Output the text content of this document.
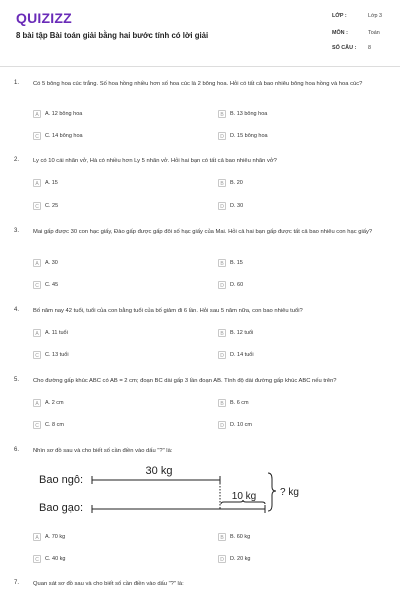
QUIZIZZ
8 bài tập Bài toán giải bằng hai bước tính có lời giải
LỚP :	Lớp 3
MÔN :	Toán
SỐ CÂU :	8
1. Có 5 bông hoa cúc trắng. Số hoa hồng nhiều hơn số hoa cúc là 2 bông hoa. Hỏi có tất cả bao nhiêu bông hoa hồng và hoa cúc?
A	A. 12 bông hoa	B	B. 13 bông hoa
C	C. 14 bông hoa	D	D. 15 bông hoa
2. Ly có 10 cái nhãn vở, Hà có nhiều hơn Ly 5 nhãn vở. Hỏi hai bạn có tất cả bao nhiêu nhãn vở?
A	A. 15	B	B. 20
C	C. 25	D	D. 30
3. Mai gấp được 30 con hạc giấy, Đào gấp được gấp đôi số hạc giấy của Mai. Hỏi cả hai bạn gấp được tất cả bao nhiêu con hạc giấy?
A	A. 30	B	B. 15
C	C. 45	D	D. 60
4. Bố năm nay 42 tuổi, tuổi của con bằng tuổi của bố giảm đi 6 lần. Hỏi sau 5 năm nữa, con bao nhiêu tuổi?
A	A. 11 tuổi	B	B. 12 tuổi
C	C. 13 tuổi	D	D. 14 tuổi
5. Cho đường gấp khúc ABC có AB = 2 cm; đoạn BC dài gấp 3 lần đoạn AB. Tính độ dài đường gấp khúc ABC nếu trên?
A	A. 2 cm	B	B. 6 cm
C	C. 8 cm	D	D. 10 cm
6. Nhìn sơ đồ sau và cho biết số cần điền vào dấu "?" là:
Bao ngô:
Bao gạo:
30 kg
10 kg ? kg
A	A. 70 kg	B	B. 60 kg
C	C. 40 kg	D	D. 20 kg
7. Quan sát sơ đồ sau và cho biết số cần điền vào dấu "?" là:
